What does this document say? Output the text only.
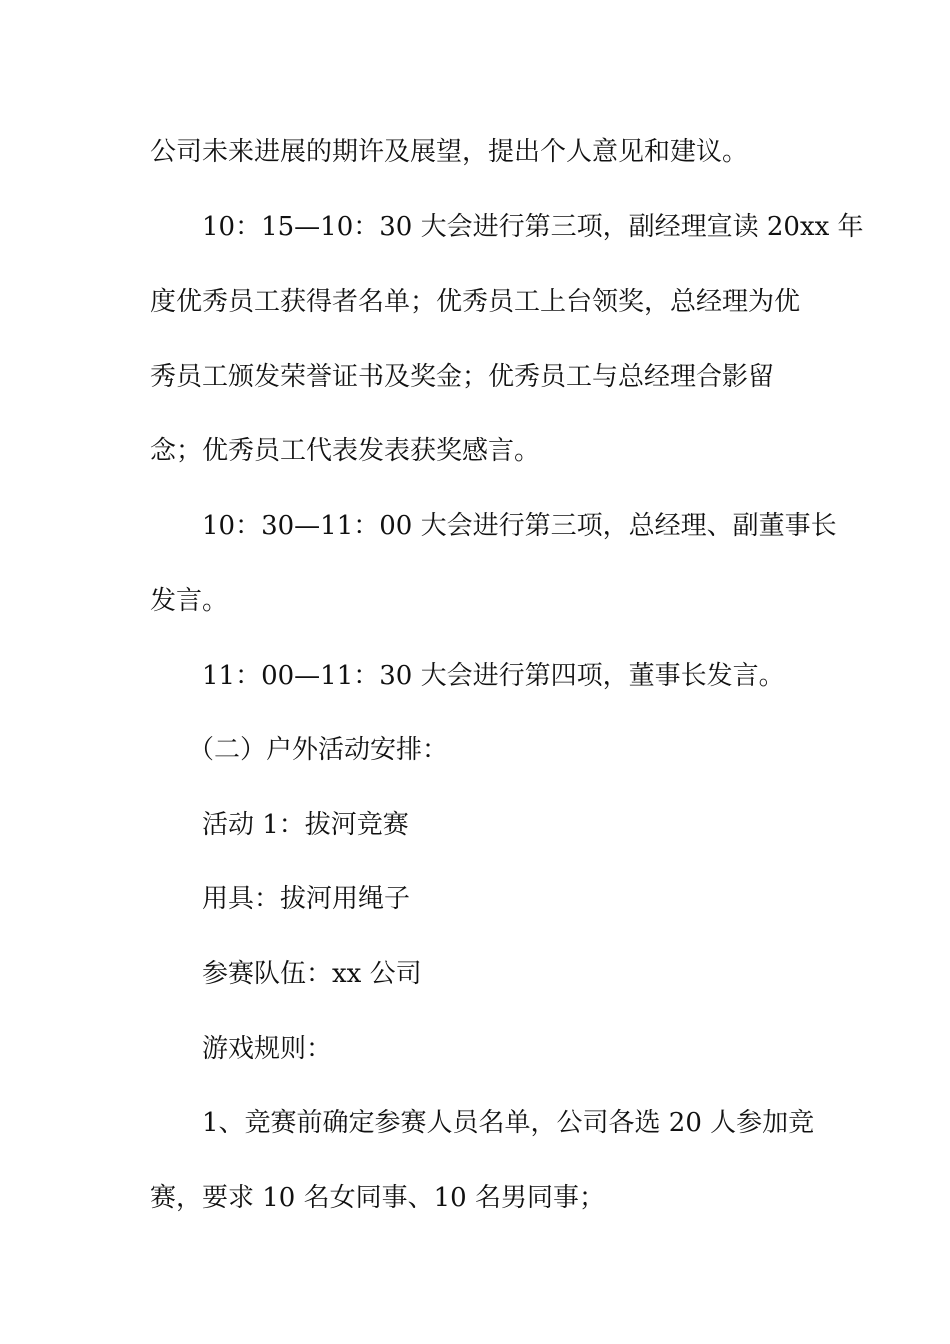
公司未来进展的期许及展望，提出个人意见和建议。
10：15—10：30 大会进行第三项，副经理宣读 20xx 年
度优秀员工获得者名单；优秀员工上台领奖，总经理为优
秀员工颁发荣誉证书及奖金；优秀员工与总经理合影留
念；优秀员工代表发表获奖感言。
10：30—11：00 大会进行第三项，总经理、副董事长
发言。
11：00—11：30 大会进行第四项，董事长发言。
（二）户外活动安排：
活动 1：拔河竞赛
用具：拔河用绳子
参赛队伍：xx 公司
游戏规则：
1、竞赛前确定参赛人员名单，公司各选 20 人参加竞
赛，要求 10 名女同事、10 名男同事；
